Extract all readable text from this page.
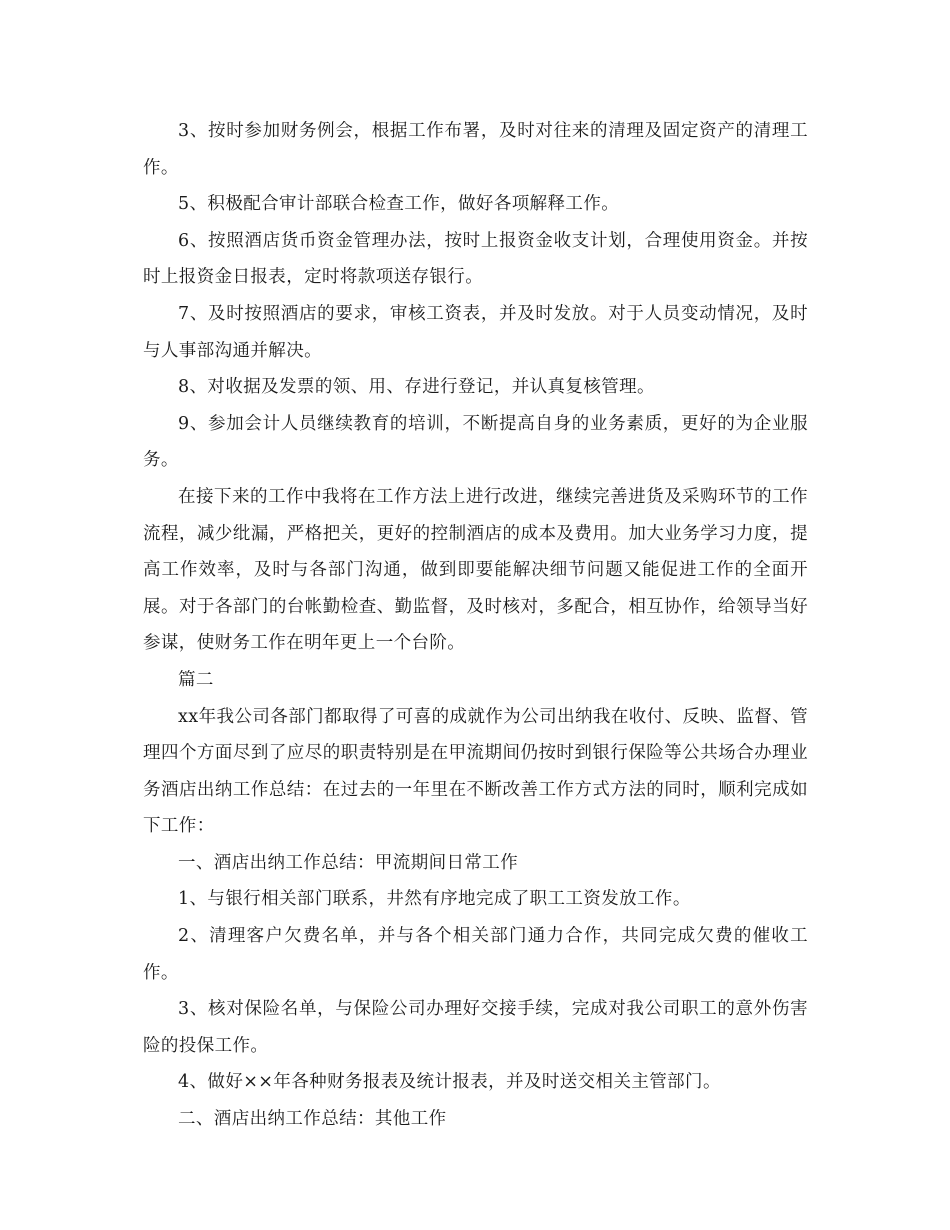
3、按时参加财务例会，根据工作布署，及时对往来的清理及固定资产的清理工作。

5、积极配合审计部联合检查工作，做好各项解释工作。

6、按照酒店货币资金管理办法，按时上报资金收支计划，合理使用资金。并按时上报资金日报表，定时将款项送存银行。

7、及时按照酒店的要求，审核工资表，并及时发放。对于人员变动情况，及时与人事部沟通并解决。

8、对收据及发票的领、用、存进行登记，并认真复核管理。

9、参加会计人员继续教育的培训，不断提高自身的业务素质，更好的为企业服务。

在接下来的工作中我将在工作方法上进行改进，继续完善进货及采购环节的工作流程，减少纰漏，严格把关，更好的控制酒店的成本及费用。加大业务学习力度，提高工作效率，及时与各部门沟通，做到即要能解决细节问题又能促进工作的全面开展。对于各部门的台帐勤检查、勤监督，及时核对，多配合，相互协作，给领导当好参谋，使财务工作在明年更上一个台阶。

篇二

xx年我公司各部门都取得了可喜的成就作为公司出纳我在收付、反映、监督、管理四个方面尽到了应尽的职责特别是在甲流期间仍按时到银行保险等公共场合办理业务酒店出纳工作总结：在过去的一年里在不断改善工作方式方法的同时，顺利完成如下工作：

一、酒店出纳工作总结：甲流期间日常工作

1、与银行相关部门联系，井然有序地完成了职工工资发放工作。

2、清理客户欠费名单，并与各个相关部门通力合作，共同完成欠费的催收工作。

3、核对保险名单，与保险公司办理好交接手续，完成对我公司职工的意外伤害险的投保工作。

4、做好××年各种财务报表及统计报表，并及时送交相关主管部门。

二、酒店出纳工作总结：其他工作
